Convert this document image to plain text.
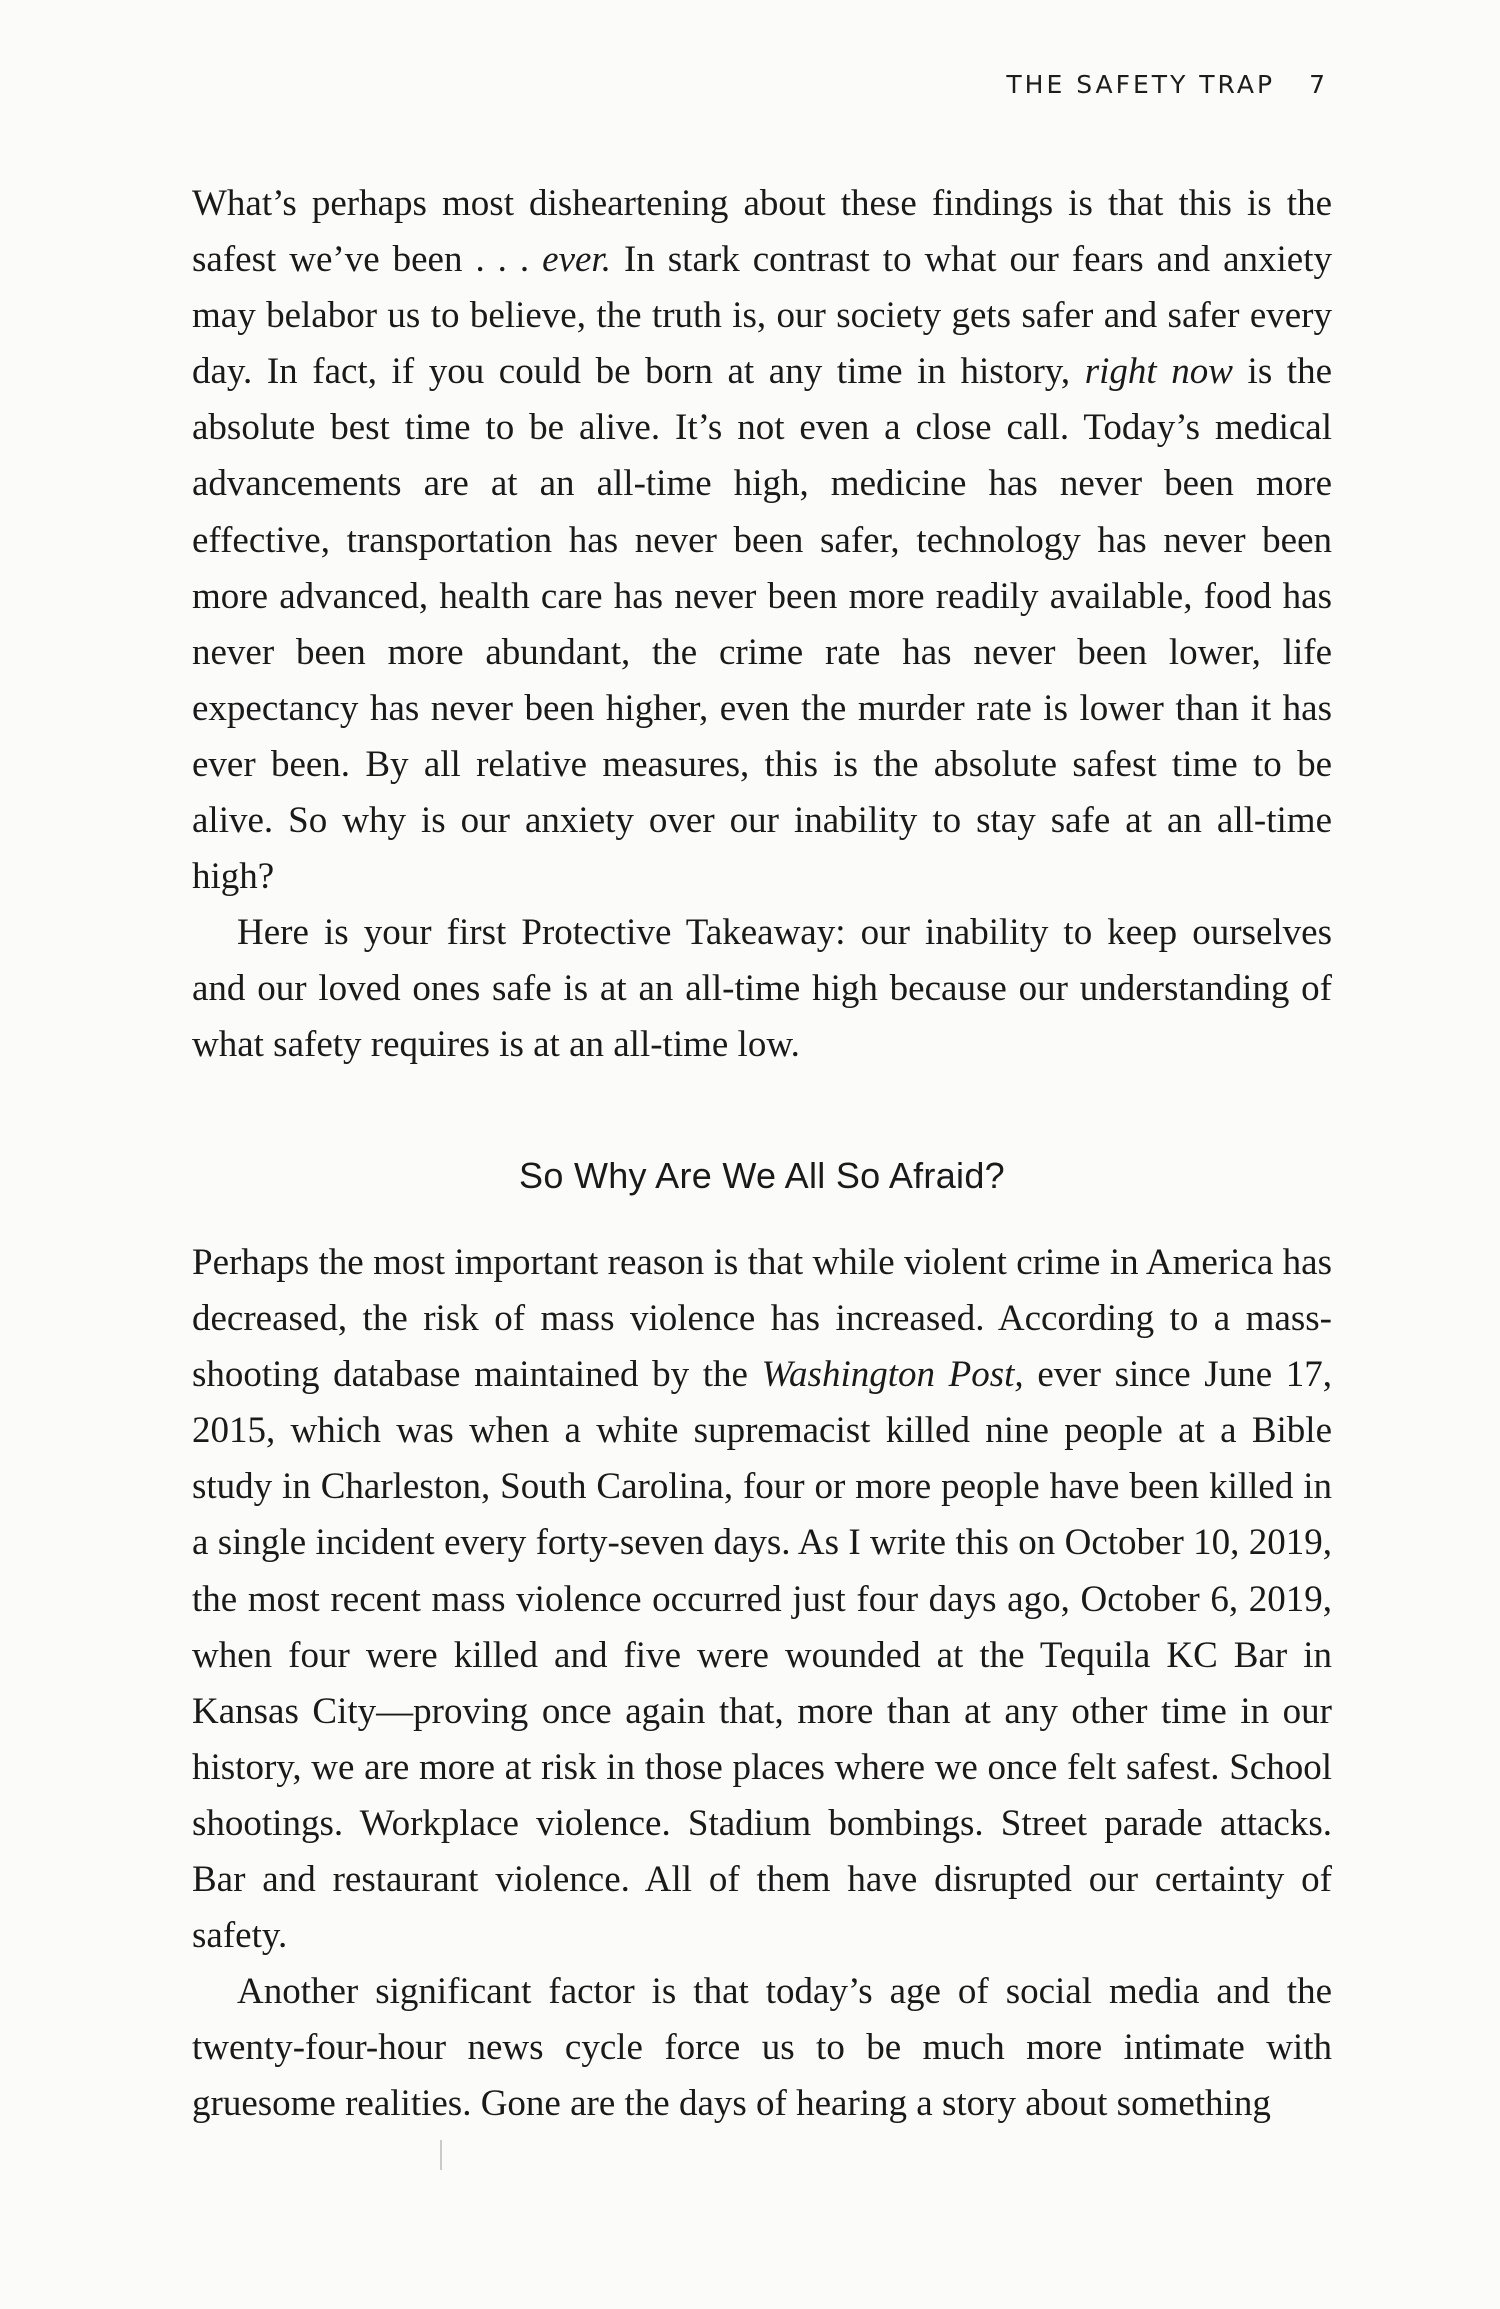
THE SAFETY TRAP 7

What’s perhaps most disheartening about these findings is that this is the safest we’ve been . . . ever. In stark contrast to what our fears and anxiety may belabor us to believe, the truth is, our society gets safer and safer every day. In fact, if you could be born at any time in history, right now is the absolute best time to be alive. It’s not even a close call. Today’s medical advancements are at an all-time high, medicine has never been more effective, transportation has never been safer, technology has never been more advanced, health care has never been more readily available, food has never been more abundant, the crime rate has never been lower, life expectancy has never been higher, even the murder rate is lower than it has ever been. By all relative measures, this is the absolute safest time to be alive. So why is our anxiety over our inability to stay safe at an all-time high?

Here is your first Protective Takeaway: our inability to keep ourselves and our loved ones safe is at an all-time high because our understanding of what safety requires is at an all-time low.

So Why Are We All So Afraid?

Perhaps the most important reason is that while violent crime in America has decreased, the risk of mass violence has increased. According to a mass-shooting database maintained by the Washington Post, ever since June 17, 2015, which was when a white supremacist killed nine people at a Bible study in Charleston, South Carolina, four or more people have been killed in a single incident every forty-seven days. As I write this on October 10, 2019, the most recent mass violence occurred just four days ago, October 6, 2019, when four were killed and five were wounded at the Tequila KC Bar in Kansas City—proving once again that, more than at any other time in our history, we are more at risk in those places where we once felt safest. School shootings. Workplace violence. Stadium bombings. Street parade attacks. Bar and restaurant violence. All of them have disrupted our certainty of safety.

Another significant factor is that today’s age of social media and the twenty-four-hour news cycle force us to be much more intimate with gruesome realities. Gone are the days of hearing a story about something
